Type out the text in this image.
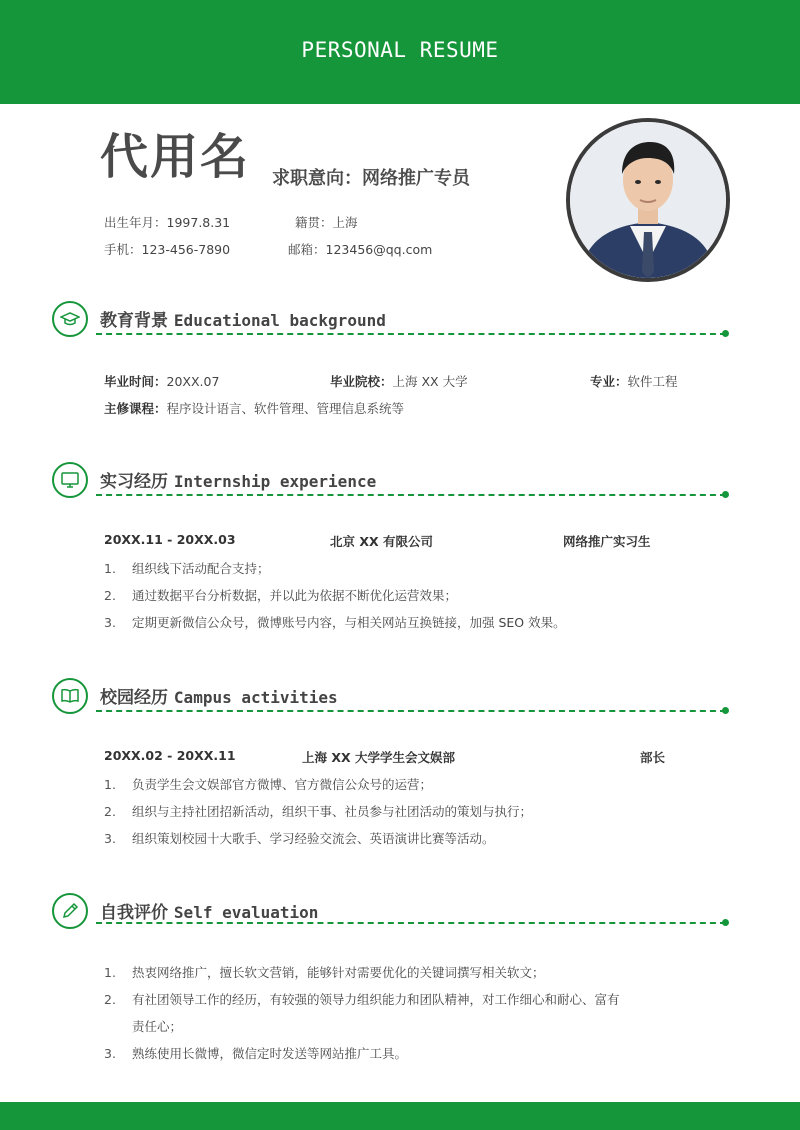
PERSONAL RESUME
代用名 求职意向：网络推广专员
出生年月：1997.8.31	籍贯：上海
手机：123-456-7890	邮箱：123456@qq.com
教育背景 Educational background
毕业时间：20XX.07	毕业院校：上海 XX 大学	专业：软件工程
主修课程：程序设计语言、软件管理、管理信息系统等
实习经历 Internship experience
20XX.11 - 20XX.03	北京 XX 有限公司	网络推广实习生
1. 组织线下活动配合支持；
2. 通过数据平台分析数据，并以此为依据不断优化运营效果；
3. 定期更新微信公众号，微博账号内容，与相关网站互换链接，加强 SEO 效果。
校园经历 Campus activities
20XX.02 - 20XX.11	上海 XX 大学学生会文娱部	部长
1. 负责学生会文娱部官方微博、官方微信公众号的运营；
2. 组织与主持社团招新活动，组织干事、社员参与社团活动的策划与执行；
3. 组织策划校园十大歌手、学习经验交流会、英语演讲比赛等活动。
自我评价 Self evaluation
1. 热衷网络推广，擅长软文营销，能够针对需要优化的关键词撰写相关软文；
2. 有社团领导工作的经历，有较强的领导力组织能力和团队精神，对工作细心和耐心、富有
责任心；
3. 熟练使用长微博，微信定时发送等网站推广工具。
